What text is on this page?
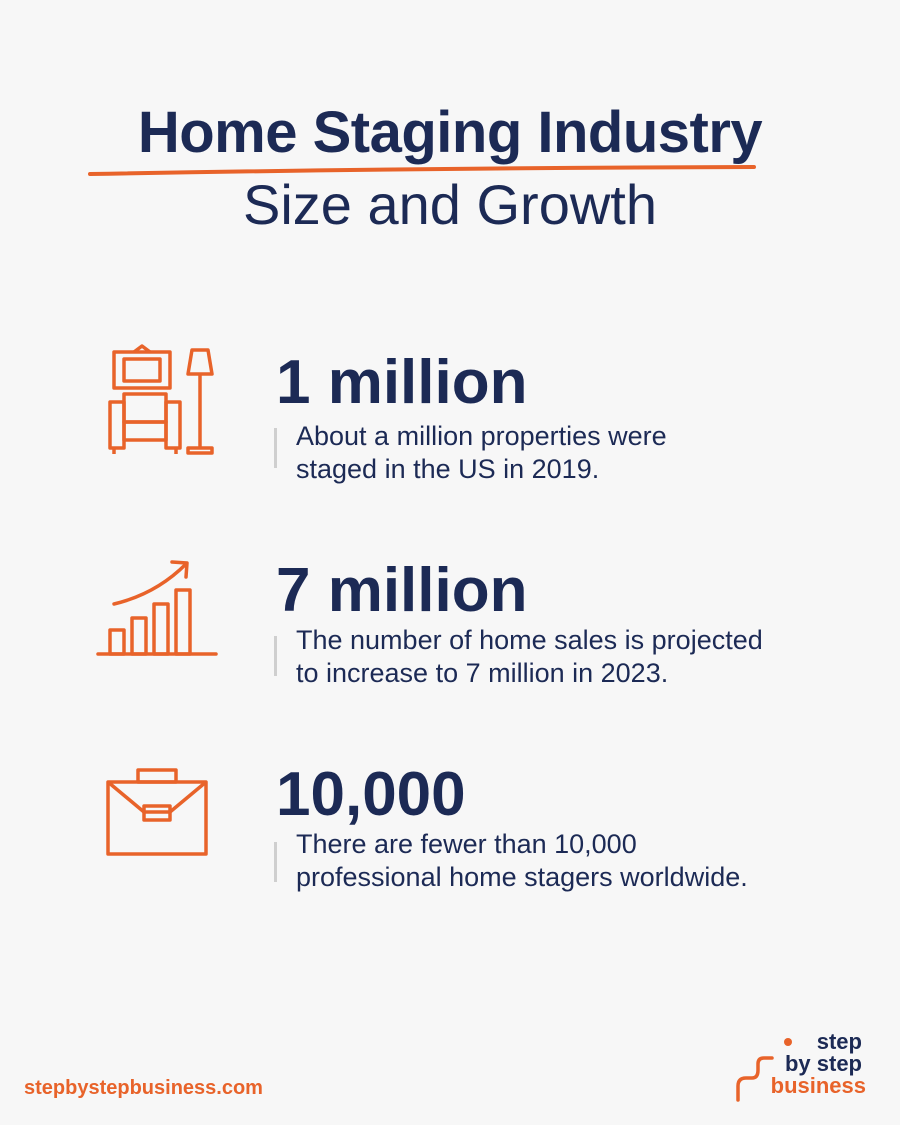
Home Staging Industry
Size and Growth
1 million
About a million properties were
staged in the US in 2019.
7 million
The number of home sales is projected
to increase to 7 million in 2023.
10,000
There are fewer than 10,000
professional home stagers worldwide.
stepbystepbusiness.com
step
by step
business
